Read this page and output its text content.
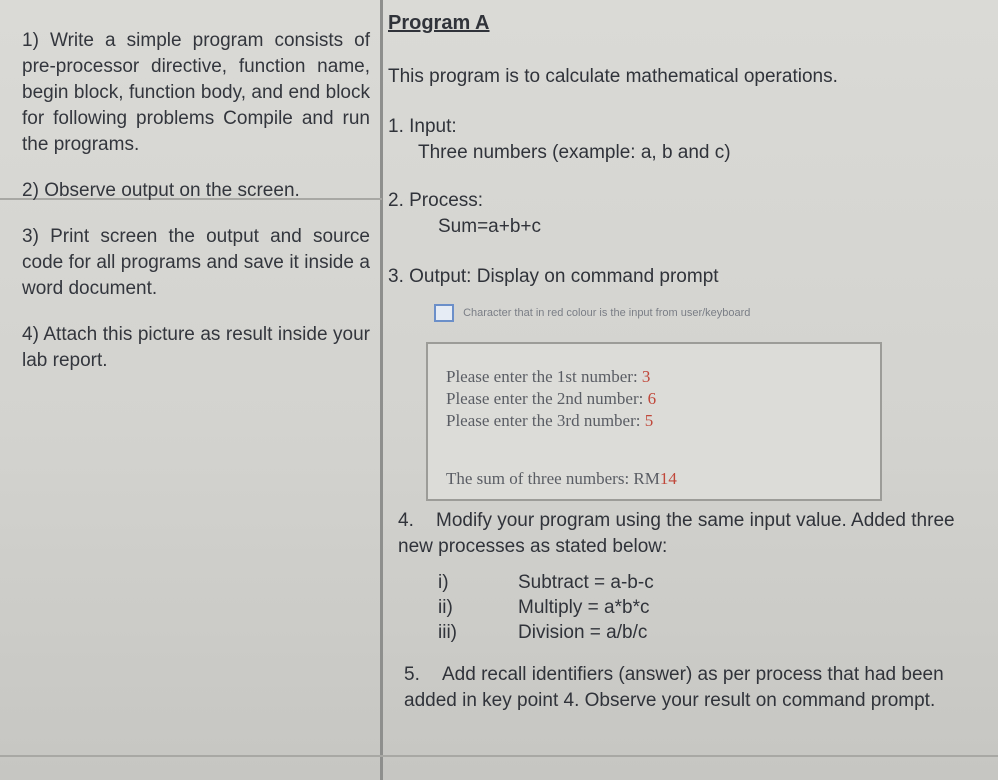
1) Write a simple program consists of pre-processor directive, function name, begin block, function body, and end block for following problems Compile and run the programs.

2) Observe output on the screen.

3) Print screen the output and source code for all programs and save it inside a word document.

4) Attach this picture as result inside your lab report.

Program A
This program is to calculate mathematical operations.
1. Input:
Three numbers (example: a, b and c)
2. Process:
Sum=a+b+c
3. Output: Display on command prompt
Character that in red colour is the input from user/keyboard
Please enter the 1st number: 3
Please enter the 2nd number: 6
Please enter the 3rd number: 5
The sum of three numbers: RM14
4. Modify your program using the same input value. Added three new processes as stated below:
i)	Subtract = a-b-c
ii)	Multiply = a*b*c
iii)	Division = a/b/c
5. Add recall identifiers (answer) as per process that had been added in key point 4. Observe your result on command prompt.
